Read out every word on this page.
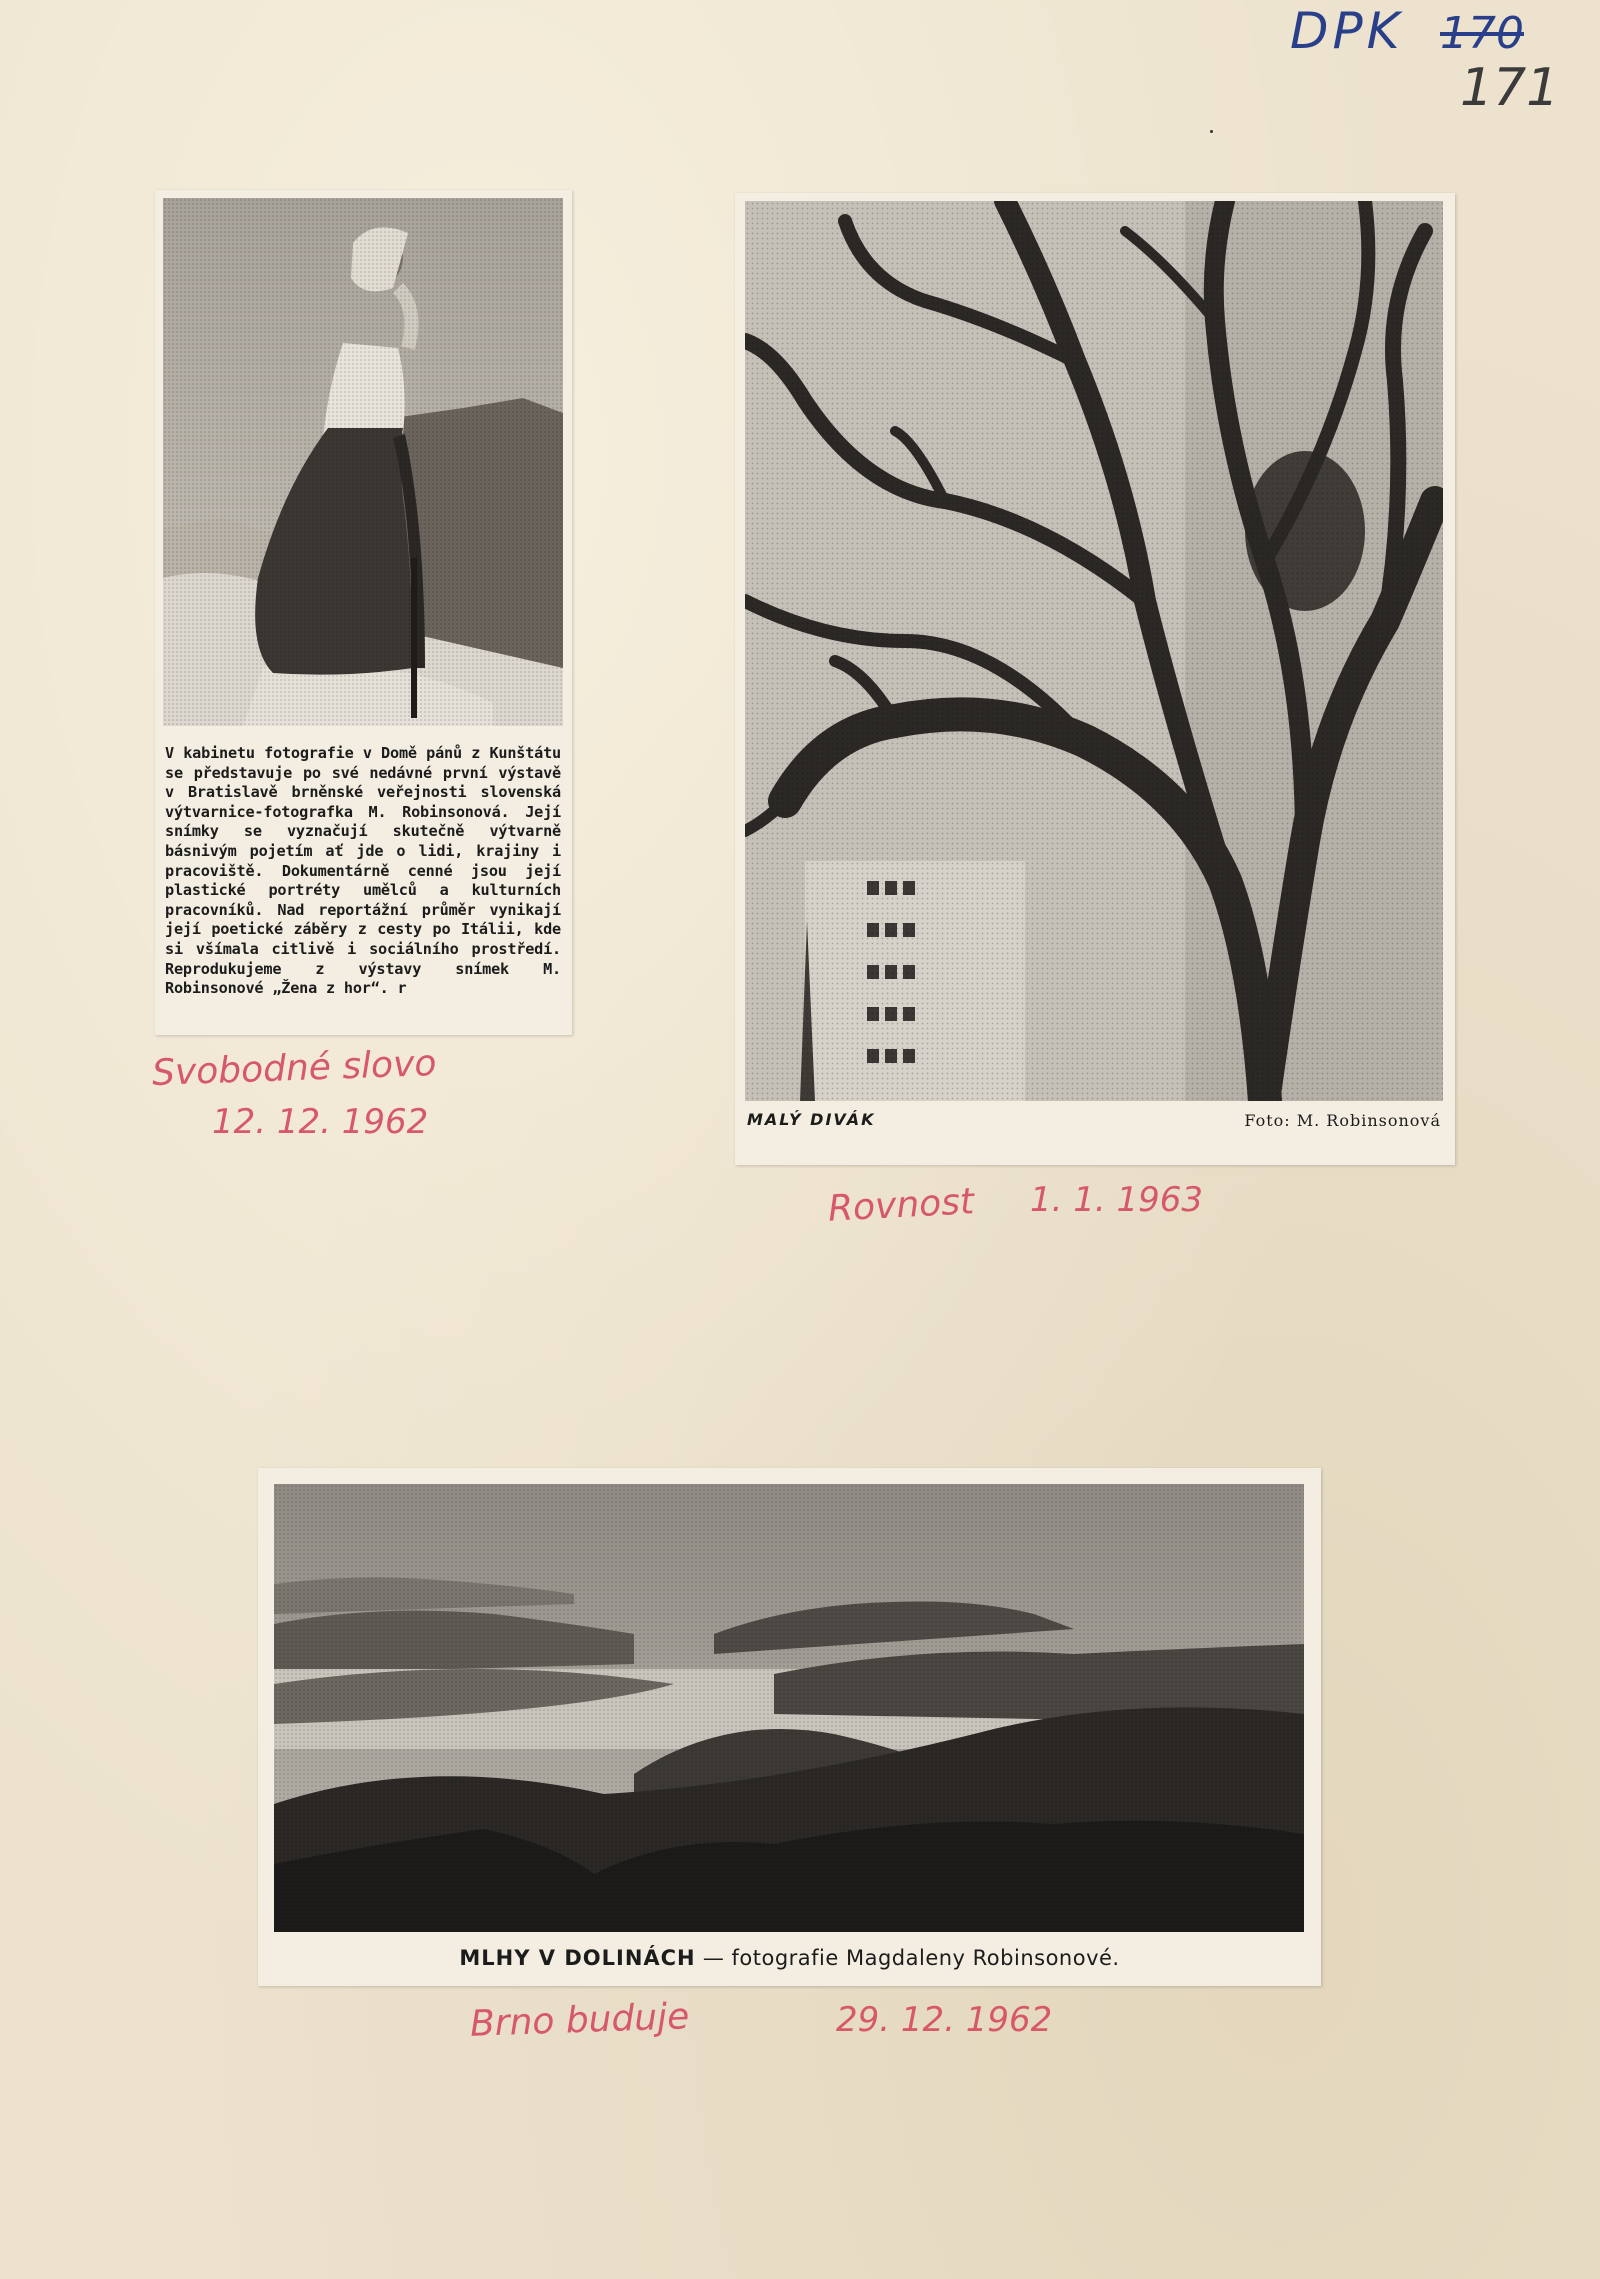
DPK 170
171
V kabinetu fotografie v Domě pánů z Kunštátu se představuje po své nedávné první výstavě v Bratislavě brněnské veřejnosti slovenská výtvarnice-fotografka M. Robinsonová. Její snímky se vyznačují skutečně výtvarně básnivým pojetím ať jde o lidi, krajiny i pracoviště. Dokumentárně cenné jsou její plastické portréty umělců a kulturních pracovníků. Nad reportážní průměr vynikají její poetické záběry z cesty po Itálii, kde si všímala citlivě i sociálního prostředí. Reprodukujeme z výstavy snímek M. Robinsonové „Žena z hor“. r
Svobodné slovo
12. 12. 1962	MALÝ DIVÁK	Foto: M. Robinsonová
Rovnost 1. 1. 1963
MLHY V DOLINÁCH — fotografie Magdaleny Robinsonové.
Brno buduje	29. 12. 1962
